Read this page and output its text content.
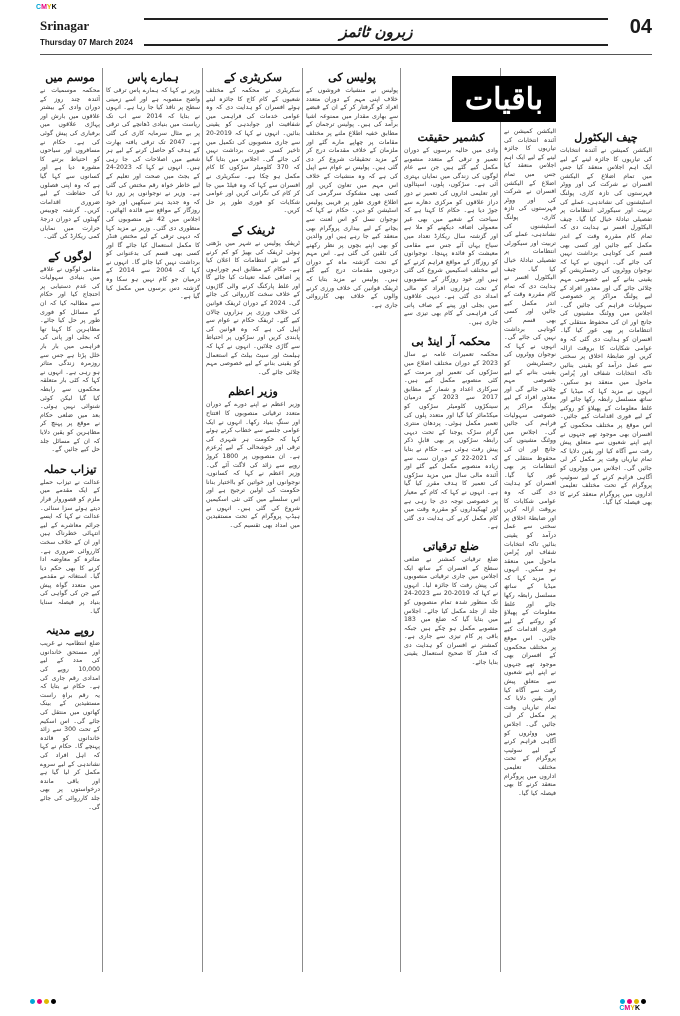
CMYK
CMYK
Srinagar
Thursday 07 March 2024
زبرون ٹائمز	04
چیف الیکٹورل
الیکشن کمیشن نے آئندہ انتخابات کی تیاریوں کا جائزہ لینے کے لیے ایک اہم اجلاس منعقد کیا جس میں تمام اضلاع کے الیکشن افسران نے شرکت کی اور ووٹر فہرستوں کی تازہ کاری، پولنگ اسٹیشنوں کی نشاندہی، عملے کی تربیت اور سیکورٹی انتظامات پر تفصیلی تبادلۂ خیال کیا گیا۔ چیف الیکٹورل افسر نے ہدایت دی کہ تمام کام مقررہ وقت کے اندر مکمل کیے جائیں اور کسی بھی قسم کی کوتاہی برداشت نہیں کی جائے گی۔ انہوں نے کہا کہ نوجوان ووٹروں کی رجسٹریشن کو یقینی بنانے کے لیے خصوصی مہم چلائی جائے گی اور معذور افراد کے لیے پولنگ مراکز پر خصوصی سہولیات فراہم کی جائیں گی۔ اجلاس میں ووٹنگ مشینوں کی جانچ اور ان کی محفوظ منتقلی کے انتظامات پر بھی غور کیا گیا۔ افسران کو ہدایت دی گئی کہ وہ عوامی شکایات کا بروقت ازالہ کریں اور ضابطۂ اخلاق پر سختی سے عمل درآمد کو یقینی بنائیں تاکہ انتخابات شفاف اور پُرامن ماحول میں منعقد ہو سکیں۔ انہوں نے مزید کہا کہ میڈیا کے ساتھ مسلسل رابطہ رکھا جائے اور غلط معلومات کے پھیلاؤ کو روکنے کے لیے فوری اقدامات کیے جائیں۔ اس موقع پر مختلف محکموں کے افسران بھی موجود تھے جنہوں نے اپنے اپنے شعبوں سے متعلق پیش رفت سے آگاہ کیا اور یقین دلایا کہ تمام تیاریاں وقت پر مکمل کر لی جائیں گی۔ اجلاس میں ووٹروں کو آگاہی فراہم کرنے کے لیے سوئیپ پروگرام کے تحت مختلف تعلیمی اداروں میں پروگرام منعقد کرنے کا بھی فیصلہ کیا گیا۔
باقیات
الیکشن کمیشن نے آئندہ انتخابات کی تیاریوں کا جائزہ لینے کے لیے ایک اہم اجلاس منعقد کیا جس میں تمام اضلاع کے الیکشن افسران نے شرکت کی اور ووٹر فہرستوں کی تازہ کاری، پولنگ اسٹیشنوں کی نشاندہی، عملے کی تربیت اور سیکورٹی انتظامات پر تفصیلی تبادلۂ خیال کیا گیا۔ چیف الیکٹورل افسر نے ہدایت دی کہ تمام کام مقررہ وقت کے اندر مکمل کیے جائیں اور کسی بھی قسم کی کوتاہی برداشت نہیں کی جائے گی۔ انہوں نے کہا کہ نوجوان ووٹروں کی رجسٹریشن کو یقینی بنانے کے لیے خصوصی مہم چلائی جائے گی اور معذور افراد کے لیے پولنگ مراکز پر خصوصی سہولیات فراہم کی جائیں گی۔ اجلاس میں ووٹنگ مشینوں کی جانچ اور ان کی محفوظ منتقلی کے انتظامات پر بھی غور کیا گیا۔ افسران کو ہدایت دی گئی کہ وہ عوامی شکایات کا بروقت ازالہ کریں اور ضابطۂ اخلاق پر سختی سے عمل درآمد کو یقینی بنائیں تاکہ انتخابات شفاف اور پُرامن ماحول میں منعقد ہو سکیں۔ انہوں نے مزید کہا کہ میڈیا کے ساتھ مسلسل رابطہ رکھا جائے اور غلط معلومات کے پھیلاؤ کو روکنے کے لیے فوری اقدامات کیے جائیں۔ اس موقع پر مختلف محکموں کے افسران بھی موجود تھے جنہوں نے اپنے اپنے شعبوں سے متعلق پیش رفت سے آگاہ کیا اور یقین دلایا کہ تمام تیاریاں وقت پر مکمل کر لی جائیں گی۔ اجلاس میں ووٹروں کو آگاہی فراہم کرنے کے لیے سوئیپ پروگرام کے تحت مختلف تعلیمی اداروں میں پروگرام منعقد کرنے کا بھی فیصلہ کیا گیا۔
کشمیر حقیقت
وادی میں حالیہ برسوں کے دوران تعمیر و ترقی کے متعدد منصوبے مکمل کیے گئے ہیں جن سے عام لوگوں کی زندگی میں نمایاں بہتری آئی ہے۔ سڑکوں، پلوں، اسپتالوں اور تعلیمی اداروں کی تعمیر نے دور دراز علاقوں کو مرکزی دھارے سے جوڑ دیا ہے۔ حکام کا کہنا ہے کہ سیاحت کے شعبے میں بھی غیر معمولی اضافہ دیکھنے کو ملا ہے اور گزشتہ سال ریکارڈ تعداد میں سیاح یہاں آئے جس سے مقامی معیشت کو فائدہ پہنچا۔ نوجوانوں کو روزگار کے مواقع فراہم کرنے کے لیے مختلف اسکیمیں شروع کی گئی ہیں اور خود روزگار کے منصوبوں کے تحت ہزاروں افراد کو مالی امداد دی گئی ہے۔ دیہی علاقوں میں بجلی اور پینے کے صاف پانی کی فراہمی کے کام بھی تیزی سے جاری ہیں۔
محکمہ آر اینڈ بی
محکمہ تعمیرات عامہ نے سال 2023 کے دوران مختلف اضلاع میں سڑکوں کی تعمیر اور مرمت کے کئی منصوبے مکمل کیے ہیں۔ سرکاری اعداد و شمار کے مطابق 2017 سے 2023 کے درمیان سینکڑوں کلومیٹر سڑکوں کو میکڈمائز کیا گیا اور متعدد پلوں کی تعمیر مکمل ہوئی۔ پردھان منتری گرام سڑک یوجنا کے تحت دیہی رابطہ سڑکوں پر بھی قابلِ ذکر پیش رفت ہوئی ہے۔ حکام نے بتایا کہ 2021-22 کے دوران سب سے زیادہ منصوبے مکمل کیے گئے اور آئندہ مالی سال میں مزید سڑکوں کی تعمیر کا ہدف مقرر کیا گیا ہے۔ انہوں نے کہا کہ کام کے معیار پر خصوصی توجہ دی جا رہی ہے اور ٹھیکیداروں کو مقررہ وقت میں کام مکمل کرنے کی ہدایت دی گئی ہے۔
ضلع ترقیاتی
ضلع ترقیاتی کمشنر نے ضلعی سطح کے افسران کے ساتھ ایک اجلاس میں جاری ترقیاتی منصوبوں کی پیش رفت کا جائزہ لیا۔ انہوں نے کہا کہ 2019-20 سے 2023-24 تک منظور شدہ تمام منصوبوں کو جلد از جلد مکمل کیا جائے۔ اجلاس میں بتایا گیا کہ ضلع میں 183 منصوبے مکمل ہو چکے ہیں جبکہ باقی پر کام تیزی سے جاری ہے۔ کمشنر نے افسران کو ہدایت دی کہ فنڈز کا صحیح استعمال یقینی بنایا جائے۔
پولیس کی
پولیس نے منشیات فروشوں کے خلاف اپنی مہم کے دوران متعدد افراد کو گرفتار کر کے ان کے قبضے سے بھاری مقدار میں ممنوعہ اشیا برآمد کی ہیں۔ پولیس ترجمان کے مطابق خفیہ اطلاع ملنے پر مختلف مقامات پر چھاپے مارے گئے اور ملزمان کے خلاف مقدمات درج کر کے مزید تحقیقات شروع کر دی گئی ہیں۔ پولیس نے عوام سے اپیل کی ہے کہ وہ منشیات کے خلاف اس مہم میں تعاون کریں اور کسی بھی مشکوک سرگرمی کی اطلاع فوری طور پر قریبی پولیس اسٹیشن کو دیں۔ حکام نے کہا کہ نوجوان نسل کو اس لعنت سے بچانے کے لیے بیداری پروگرام بھی منعقد کیے جا رہے ہیں اور والدین کو بھی اپنے بچوں پر نظر رکھنے کی تلقین کی گئی ہے۔ اس مہم کے تحت گزشتہ ماہ کے دوران درجنوں مقدمات درج کیے گئے ہیں۔ پولیس نے مزید بتایا کہ ٹریفک قوانین کی خلاف ورزی کرنے والوں کے خلاف بھی کارروائی جاری ہے۔
سکریٹری کے
سکریٹری نے محکمہ کے مختلف شعبوں کے کام کاج کا جائزہ لیتے ہوئے افسران کو ہدایت دی کہ وہ عوامی خدمات کی فراہمی میں شفافیت اور جوابدہی کو یقینی بنائیں۔ انہوں نے کہا کہ 2019-20 سے جاری منصوبوں کی تکمیل میں تاخیر کسی صورت برداشت نہیں کی جائے گی۔ اجلاس میں بتایا گیا کہ 370 کلومیٹر سڑکوں کا کام مکمل ہو چکا ہے۔ سکریٹری نے افسران سے کہا کہ وہ فیلڈ میں جا کر کام کی نگرانی کریں اور عوامی شکایات کو فوری طور پر حل کریں۔
ٹریفک کے
ٹریفک پولیس نے شہر میں بڑھتی ہوئی ٹریفک کی بھیڑ کو کم کرنے کے لیے نئے انتظامات کا اعلان کیا ہے۔ حکام کے مطابق اہم چوراہوں پر اضافی عملہ تعینات کیا جائے گا اور غلط پارکنگ کرنے والی گاڑیوں کے خلاف سخت کارروائی کی جائے گی۔ 2024 کے دوران ٹریفک قوانین کی خلاف ورزی پر ہزاروں چالان کیے گئے۔ ٹریفک حکام نے عوام سے اپیل کی ہے کہ وہ قوانین کی پابندی کریں اور سڑکوں پر احتیاط سے گاڑی چلائیں۔ انہوں نے کہا کہ ہیلمٹ اور سیٹ بیلٹ کے استعمال کو یقینی بنانے کے لیے خصوصی مہم چلائی جائے گی۔
وزیر اعظم
وزیر اعظم نے اپنے دورے کے دوران متعدد ترقیاتی منصوبوں کا افتتاح اور سنگِ بنیاد رکھا۔ انہوں نے ایک عوامی جلسے سے خطاب کرتے ہوئے کہا کہ حکومت ہر شہری کی ترقی اور خوشحالی کے لیے پُرعزم ہے۔ ان منصوبوں پر 1800 کروڑ روپے سے زائد کی لاگت آئے گی۔ وزیر اعظم نے کہا کہ کسانوں، نوجوانوں اور خواتین کو بااختیار بنانا حکومت کی اولین ترجیح ہے اور اس سلسلے میں کئی نئی اسکیمیں شروع کی گئی ہیں۔ انہوں نے ہیڈپ پروگرام کے تحت مستفیدین میں امداد بھی تقسیم کی۔
ہمارے پاس
وزیر نے کہا کہ ہمارے پاس ترقی کا واضح منصوبہ ہے اور اسے زمینی سطح پر نافذ کیا جا رہا ہے۔ انہوں نے بتایا کہ 2014 سے اب تک ریاست میں بنیادی ڈھانچے کی ترقی پر بے مثال سرمایہ کاری کی گئی ہے۔ 2047 تک ترقی یافتہ بھارت کے ہدف کو حاصل کرنے کے لیے ہر شعبے میں اصلاحات کی جا رہی ہیں۔ انہوں نے کہا کہ 2023-24 کے بجٹ میں صحت اور تعلیم کے لیے خاطر خواہ رقم مختص کی گئی ہے۔ وزیر نے نوجوانوں پر زور دیا کہ وہ جدید ہنر سیکھیں اور خود روزگار کے مواقع سے فائدہ اٹھائیں۔ اجلاس میں 42 نئے منصوبوں کی منظوری دی گئی۔ وزیر نے مزید کہا کہ دیہی ترقی کے لیے مختص فنڈز کا مکمل استعمال کیا جائے گا اور کسی بھی قسم کی بدعنوانی کو برداشت نہیں کیا جائے گا۔ انہوں نے کہا کہ 2004 سے 2014 کے درمیان جو کام نہیں ہو سکا وہ گزشتہ دس برسوں میں مکمل کیا گیا ہے۔
موسم میں
محکمہ موسمیات نے آئندہ چند روز کے دوران وادی کے بیشتر علاقوں میں بارش اور پہاڑی علاقوں میں برفباری کی پیش گوئی کی ہے۔ حکام نے مسافروں اور سیاحوں کو احتیاط برتنے کا مشورہ دیا ہے اور کسانوں سے کہا گیا ہے کہ وہ اپنی فصلوں کی حفاظت کے لیے ضروری اقدامات کریں۔ گزشتہ چوبیس گھنٹوں کے دوران درجۂ حرارت میں نمایاں کمی ریکارڈ کی گئی۔
لوگوں کے
مقامی لوگوں نے علاقے میں بنیادی سہولیات کی عدم دستیابی پر احتجاج کیا اور حکام سے مطالبہ کیا کہ ان کے مسائل کو فوری طور پر حل کیا جائے۔ مظاہرین کا کہنا تھا کہ بجلی اور پانی کی فراہمی میں بار بار خلل پڑتا ہے جس سے روزمرہ زندگی متاثر ہو رہی ہے۔ انہوں نے کہا کہ کئی بار متعلقہ محکموں سے رابطہ کیا گیا لیکن کوئی شنوائی نہیں ہوئی۔ بعد میں ضلعی حکام نے موقع پر پہنچ کر مظاہرین کو یقین دلایا کہ ان کے مسائل جلد حل کیے جائیں گے۔
تیزاب حملہ
عدالت نے تیزاب حملے کے ایک مقدمے میں ملزم کو قصوروار قرار دیتے ہوئے سزا سنائی۔ عدالت نے کہا کہ ایسے جرائم معاشرے کے لیے انتہائی خطرناک ہیں اور ان کے خلاف سخت کارروائی ضروری ہے۔ متاثرہ کو معاوضہ ادا کرنے کا بھی حکم دیا گیا۔ استغاثہ نے مقدمے میں متعدد گواہ پیش کیے جن کی گواہی کی بنیاد پر فیصلہ سنایا گیا۔
روپے مدینہ
ضلع انتظامیہ نے غریب اور مستحق خاندانوں کی مدد کے لیے 10,000 روپے کی امدادی رقم جاری کی ہے۔ حکام نے بتایا کہ یہ رقم براہِ راست مستفیدین کے بینک کھاتوں میں منتقل کی جائے گی۔ اس اسکیم کے تحت 300 سے زائد خاندانوں کو فائدہ پہنچے گا۔ حکام نے کہا کہ اہل افراد کی نشاندہی کے لیے سروے مکمل کر لیا گیا ہے اور باقی ماندہ درخواستوں پر بھی جلد کارروائی کی جائے گی۔
